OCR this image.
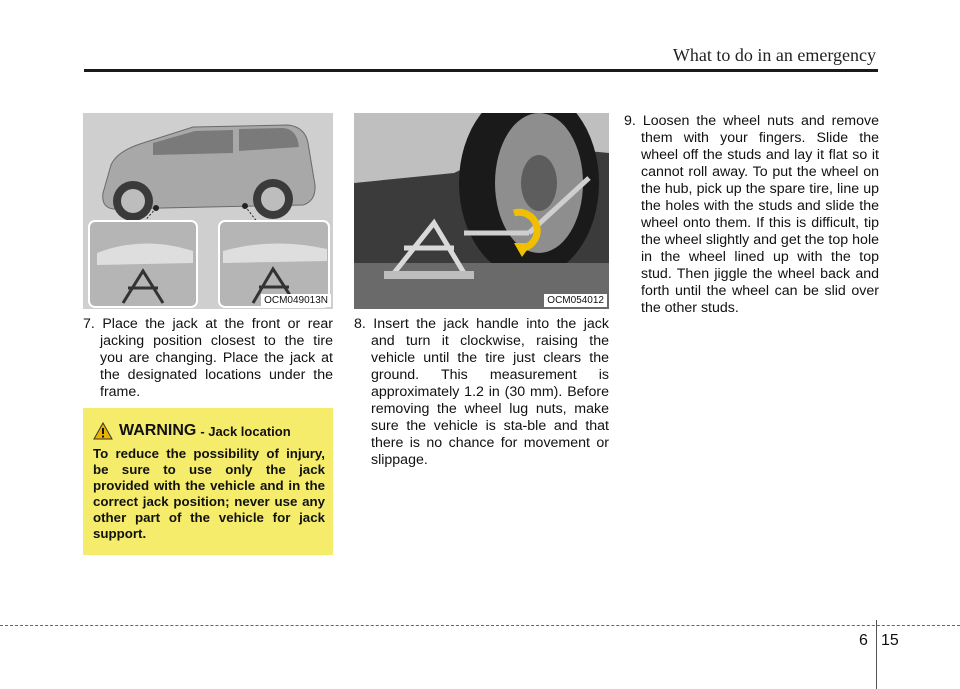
What to do in an emergency
OCM049013N	OCM054012

7. Place the jack at the front or rear jacking position closest to the tire you are changing. Place the jack at the designated locations under the frame.

8. Insert the jack handle into the jack and turn it clockwise, raising the vehicle until the tire just clears the ground. This measurement is approximately 1.2 in (30 mm). Before removing the wheel lug nuts, make sure the vehicle is sta-ble and that there is no chance for movement or slippage.

9. Loosen the wheel nuts and remove them with your fingers. Slide the wheel off the studs and lay it flat so it cannot roll away. To put the wheel on the hub, pick up the spare tire, line up the holes with the studs and slide the wheel onto them. If this is difficult, tip the wheel slightly and get the top hole in the wheel lined up with the top stud. Then jiggle the wheel back and forth until the wheel can be slid over the other studs.

WARNING - Jack location
To reduce the possibility of injury, be sure to use only the jack provided with the vehicle and in the correct jack position; never use any other part of the vehicle for jack support.
6 15
